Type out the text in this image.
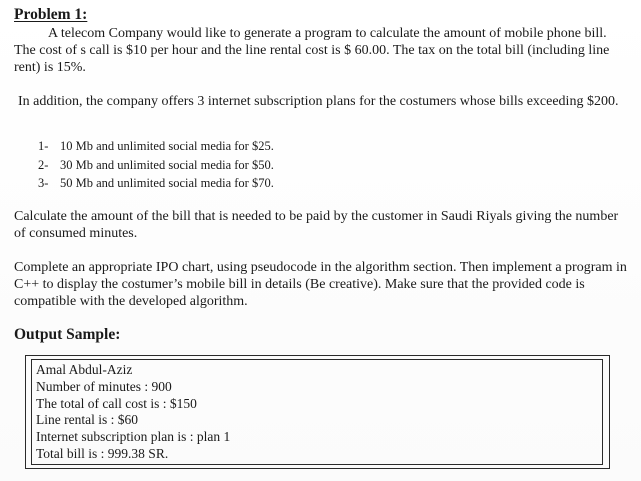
Problem 1:

A telecom Company would like to generate a program to calculate the amount of mobile phone bill. The cost of s call is $10 per hour and the line rental cost is $ 60.00. The tax on the total bill (including line rent) is 15%.

In addition, the company offers 3 internet subscription plans for the costumers whose bills exceeding $200.

1- 10 Mb and unlimited social media for $25.
2- 30 Mb and unlimited social media for $50.
3- 50 Mb and unlimited social media for $70.

Calculate the amount of the bill that is needed to be paid by the customer in Saudi Riyals giving the number of consumed minutes.

Complete an appropriate IPO chart, using pseudocode in the algorithm section. Then implement a program in C++ to display the costumer’s mobile bill in details (Be creative). Make sure that the provided code is compatible with the developed algorithm.

Output Sample:
Amal Abdul-Aziz
Number of minutes : 900
The total of call cost is : $150
Line rental is : $60
Internet subscription plan is : plan 1
Total bill is : 999.38 SR.
